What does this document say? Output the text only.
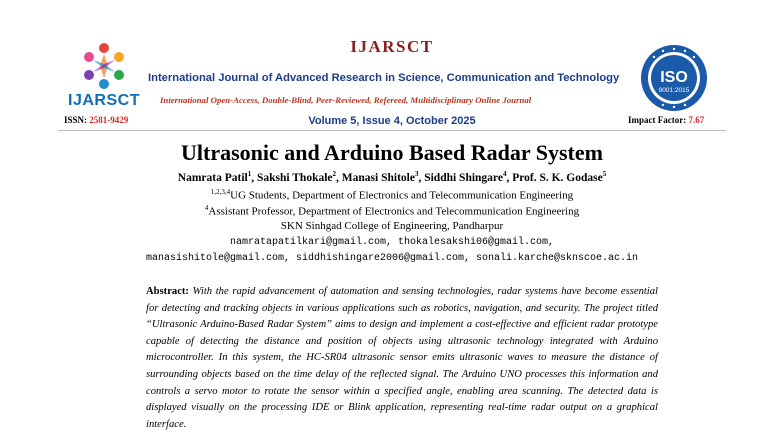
IJARSCT
ISSN: 2581-9429
IJARSCT
International Journal of Advanced Research in Science, Communication and Technology
International Open-Access, Double-Blind, Peer-Reviewed, Refereed, Multidisciplinary Online Journal
Volume 5, Issue 4, October 2025
ISO
9001:2015
Impact Factor: 7.67
Ultrasonic and Arduino Based Radar System
Namrata Patil$^1$, Sakshi Thokale$^2$, Manasi Shitole$^3$, Siddhi Shingare$^4$, Prof. S. K. Godase$^5$
$^{1,2,3,4}$UG Students, Department of Electronics and Telecommunication Engineering
$^4$Assistant Professor, Department of Electronics and Telecommunication Engineering
SKN Sinhgad College of Engineering, Pandharpur
namratapatilkari@gmail.com, thokalesakshi06@gmail.com,
manasishitole@gmail.com, siddhishingare2006@gmail.com, sonali.karche@sknscoe.ac.in
Abstract: With the rapid advancement of automation and sensing technologies, radar systems have become essential for detecting and tracking objects in various applications such as robotics, navigation, and security. The project titled “Ultrasonic Arduino-Based Radar System” aims to design and implement a cost-effective and efficient radar prototype capable of detecting the distance and position of objects using ultrasonic technology integrated with Arduino microcontroller. In this system, the HC-SR04 ultrasonic sensor emits ultrasonic waves to measure the distance of surrounding objects based on the time delay of the reflected signal. The Arduino UNO processes this information and controls a servo motor to rotate the sensor within a specified angle, enabling area scanning. The detected data is displayed visually on the processing IDE or Blink application, representing real-time radar output on a graphical interface.
